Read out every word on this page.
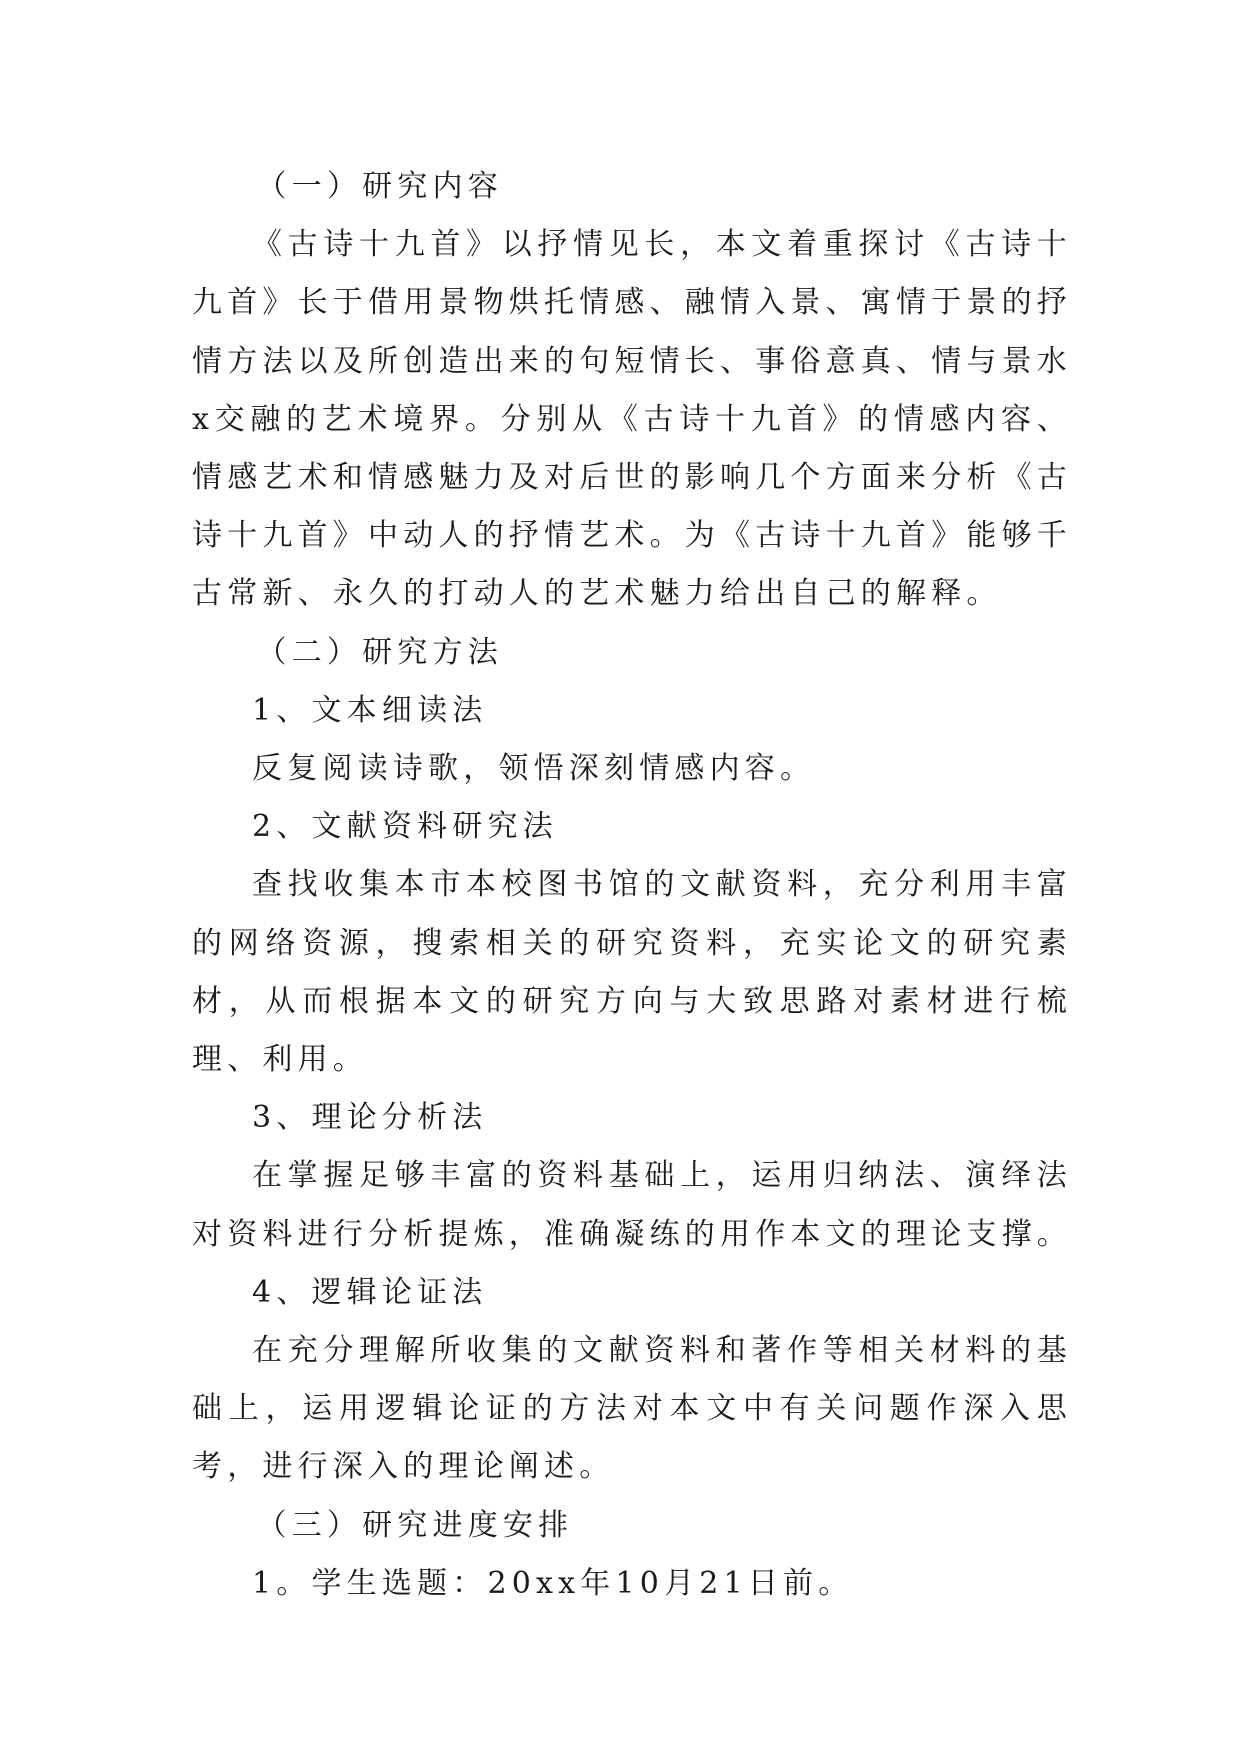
（一）研究内容

《古诗十九首》以抒情见长，本文着重探讨《古诗十九首》长于借用景物烘托情感、融情入景、寓情于景的抒情方法以及所创造出来的句短情长、事俗意真、情与景水x交融的艺术境界。分别从《古诗十九首》的情感内容、情感艺术和情感魅力及对后世的影响几个方面来分析《古诗十九首》中动人的抒情艺术。为《古诗十九首》能够千古常新、永久的打动人的艺术魅力给出自己的解释。

（二）研究方法

1、文本细读法

反复阅读诗歌，领悟深刻情感内容。

2、文献资料研究法

查找收集本市本校图书馆的文献资料，充分利用丰富的网络资源，搜索相关的研究资料，充实论文的研究素材，从而根据本文的研究方向与大致思路对素材进行梳理、利用。

3、理论分析法

在掌握足够丰富的资料基础上，运用归纳法、演绎法对资料进行分析提炼，准确凝练的用作本文的理论支撑。

4、逻辑论证法

在充分理解所收集的文献资料和著作等相关材料的基础上，运用逻辑论证的方法对本文中有关问题作深入思考，进行深入的理论阐述。

（三）研究进度安排

1。学生选题：20xx年10月21日前。
